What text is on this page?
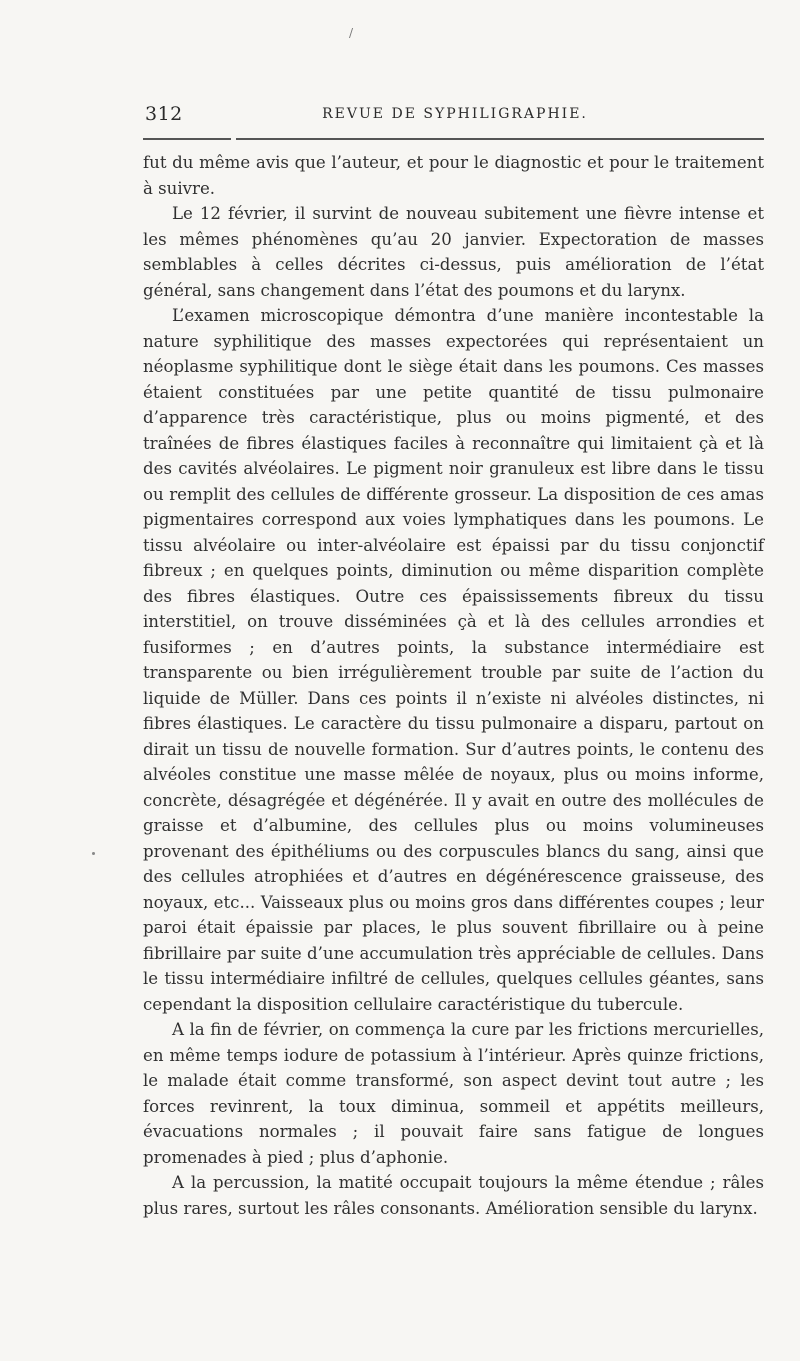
/
312	REVUE DE SYPHILIGRAPHIE.

fut du même avis que l’auteur, et pour le diagnostic et pour le traitement à suivre.

Le 12 février, il survint de nouveau subitement une fièvre intense et les mêmes phénomènes qu’au 20 janvier. Expectoration de masses semblables à celles décrites ci-dessus, puis amélioration de l’état général, sans changement dans l’état des poumons et du larynx.

L’examen microscopique démontra d’une manière incontestable la nature syphilitique des masses expectorées qui représentaient un néoplasme syphilitique dont le siège était dans les poumons. Ces masses étaient constituées par une petite quantité de tissu pulmonaire d’apparence très caractéristique, plus ou moins pigmenté, et des traînées de fibres élastiques faciles à reconnaître qui limitaient çà et là des cavités alvéolaires. Le pigment noir granuleux est libre dans le tissu ou remplit des cellules de différente grosseur. La disposition de ces amas pigmentaires correspond aux voies lymphatiques dans les poumons. Le tissu alvéolaire ou inter-alvéolaire est épaissi par du tissu conjonctif fibreux ; en quelques points, diminution ou même disparition complète des fibres élastiques. Outre ces épaississements fibreux du tissu interstitiel, on trouve disséminées çà et là des cellules arrondies et fusiformes ; en d’autres points, la substance intermédiaire est transparente ou bien irrégulièrement trouble par suite de l’action du liquide de Müller. Dans ces points il n’existe ni alvéoles distinctes, ni fibres élastiques. Le caractère du tissu pulmonaire a disparu, partout on dirait un tissu de nouvelle formation. Sur d’autres points, le contenu des alvéoles constitue une masse mêlée de noyaux, plus ou moins informe, concrète, désagrégée et dégénérée. Il y avait en outre des mollécules de graisse et d’albumine, des cellules plus ou moins volumineuses provenant des épithéliums ou des corpuscules blancs du sang, ainsi que des cellules atrophiées et d’autres en dégénérescence graisseuse, des noyaux, etc... Vaisseaux plus ou moins gros dans différentes coupes ; leur paroi était épaissie par places, le plus souvent fibrillaire ou à peine fibrillaire par suite d’une accumulation très appréciable de cellules. Dans le tissu intermédiaire infiltré de cellules, quelques cellules géantes, sans cependant la disposition cellulaire caractéristique du tubercule.

A la fin de février, on commença la cure par les frictions mercurielles, en même temps iodure de potassium à l’intérieur. Après quinze frictions, le malade était comme transformé, son aspect devint tout autre ; les forces revinrent, la toux diminua, sommeil et appétits meilleurs, évacuations normales ; il pouvait faire sans fatigue de longues promenades à pied ; plus d’aphonie.

A la percussion, la matité occupait toujours la même étendue ; râles plus rares, surtout les râles consonants. Amélioration sensible du larynx.
